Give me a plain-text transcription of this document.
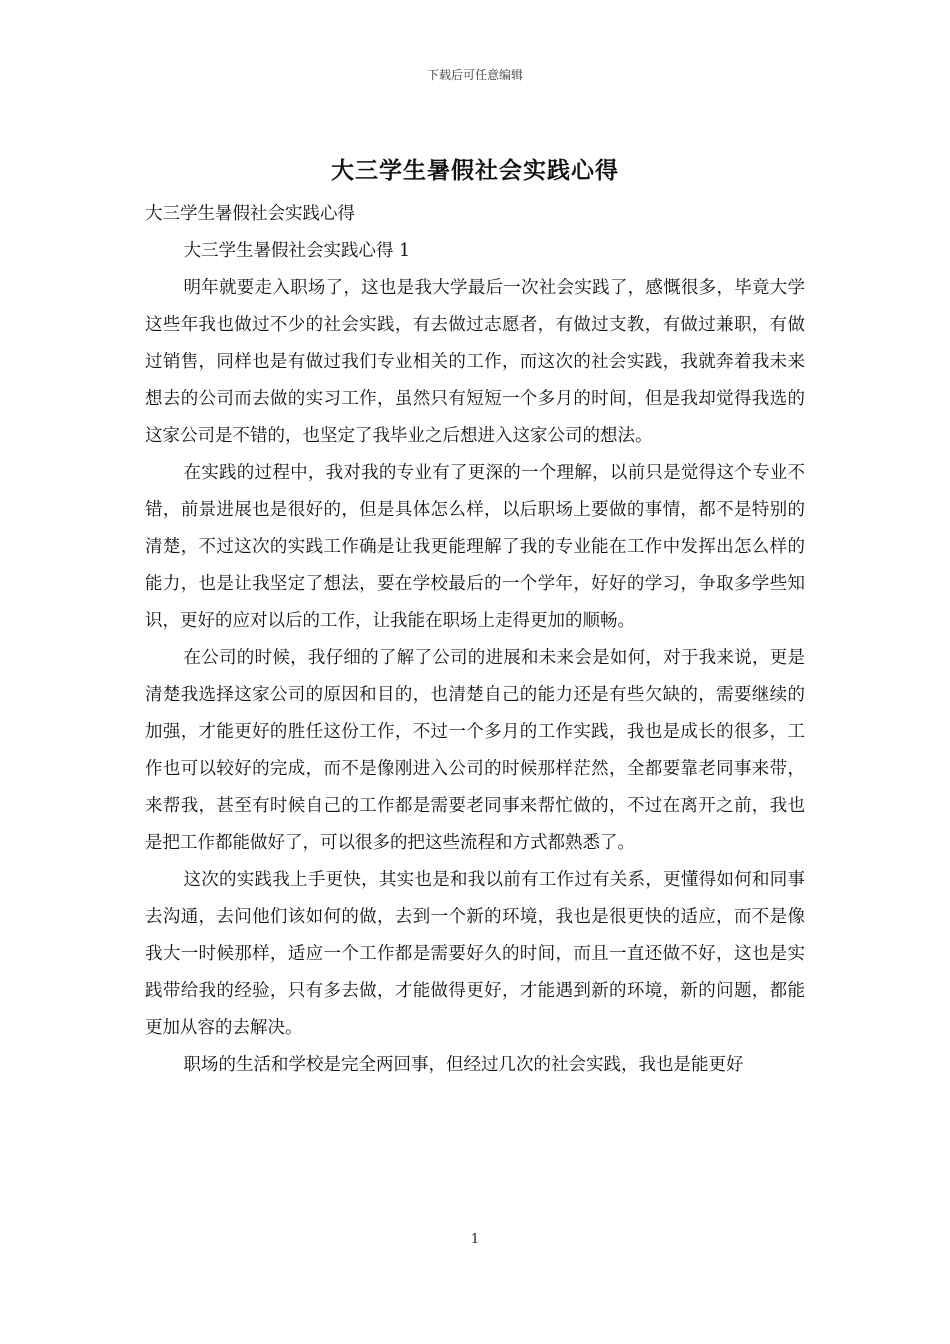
下载后可任意编辑
大三学生暑假社会实践心得

大三学生暑假社会实践心得

大三学生暑假社会实践心得 1

明年就要走入职场了，这也是我大学最后一次社会实践了，感慨很多，毕竟大学这些年我也做过不少的社会实践，有去做过志愿者，有做过支教，有做过兼职，有做过销售，同样也是有做过我们专业相关的工作，而这次的社会实践，我就奔着我未来想去的公司而去做的实习工作，虽然只有短短一个多月的时间，但是我却觉得我选的这家公司是不错的，也坚定了我毕业之后想进入这家公司的想法。

在实践的过程中，我对我的专业有了更深的一个理解，以前只是觉得这个专业不错，前景进展也是很好的，但是具体怎么样，以后职场上要做的事情，都不是特别的清楚，不过这次的实践工作确是让我更能理解了我的专业能在工作中发挥出怎么样的能力，也是让我坚定了想法，要在学校最后的一个学年，好好的学习，争取多学些知识，更好的应对以后的工作，让我能在职场上走得更加的顺畅。

在公司的时候，我仔细的了解了公司的进展和未来会是如何，对于我来说，更是清楚我选择这家公司的原因和目的，也清楚自己的能力还是有些欠缺的，需要继续的加强，才能更好的胜任这份工作，不过一个多月的工作实践，我也是成长的很多，工作也可以较好的完成，而不是像刚进入公司的时候那样茫然，全都要靠老同事来带，来帮我，甚至有时候自己的工作都是需要老同事来帮忙做的，不过在离开之前，我也是把工作都能做好了，可以很多的把这些流程和方式都熟悉了。

这次的实践我上手更快，其实也是和我以前有工作过有关系，更懂得如何和同事去沟通，去问他们该如何的做，去到一个新的环境，我也是很更快的适应，而不是像我大一时候那样，适应一个工作都是需要好久的时间，而且一直还做不好，这也是实践带给我的经验，只有多去做，才能做得更好，才能遇到新的环境，新的问题，都能更加从容的去解决。

职场的生活和学校是完全两回事，但经过几次的社会实践，我也是能更好

1
